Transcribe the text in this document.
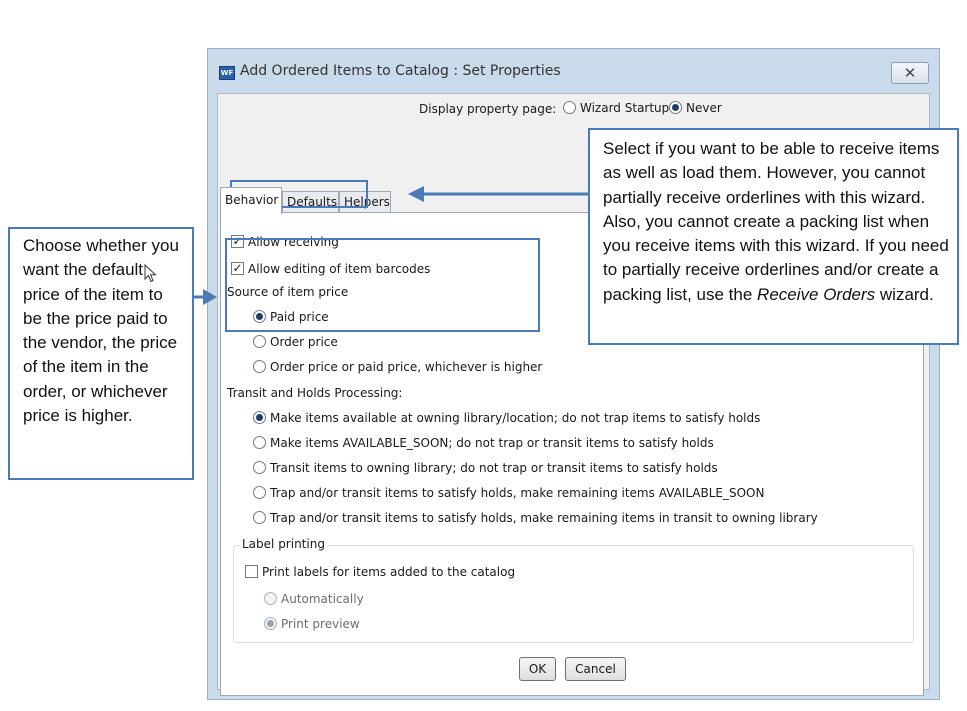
WF Add Ordered Items to Catalog : Set Properties	✕
Display property page:	Wizard Startup	Never
Behavior Defaults Helpers
✓ Allow receiving
✓ Allow editing of item barcodes
Source of item price
Paid price
Order price
Order price or paid price, whichever is higher
Transit and Holds Processing:
Make items available at owning library/location; do not trap items to satisfy holds
Make items AVAILABLE_SOON; do not trap or transit items to satisfy holds
Transit items to owning library; do not trap or transit items to satisfy holds
Trap and/or transit items to satisfy holds, make remaining items AVAILABLE_SOON
Trap and/or transit items to satisfy holds, make remaining items in transit to owning library
Label printing
Print labels for items added to the catalog
Automatically
Print preview
OK	Cancel
Select if you want to be able to receive items as well as load them. However, you cannot partially receive orderlines with this wizard. Also, you cannot create a packing list when you receive items with this wizard. If you need to partially receive orderlines and/or create a packing list, use the Receive Orders wizard.
Choose whether you want the default price of the item to be the price paid to the vendor, the price of the item in the order, or whichever price is higher.
